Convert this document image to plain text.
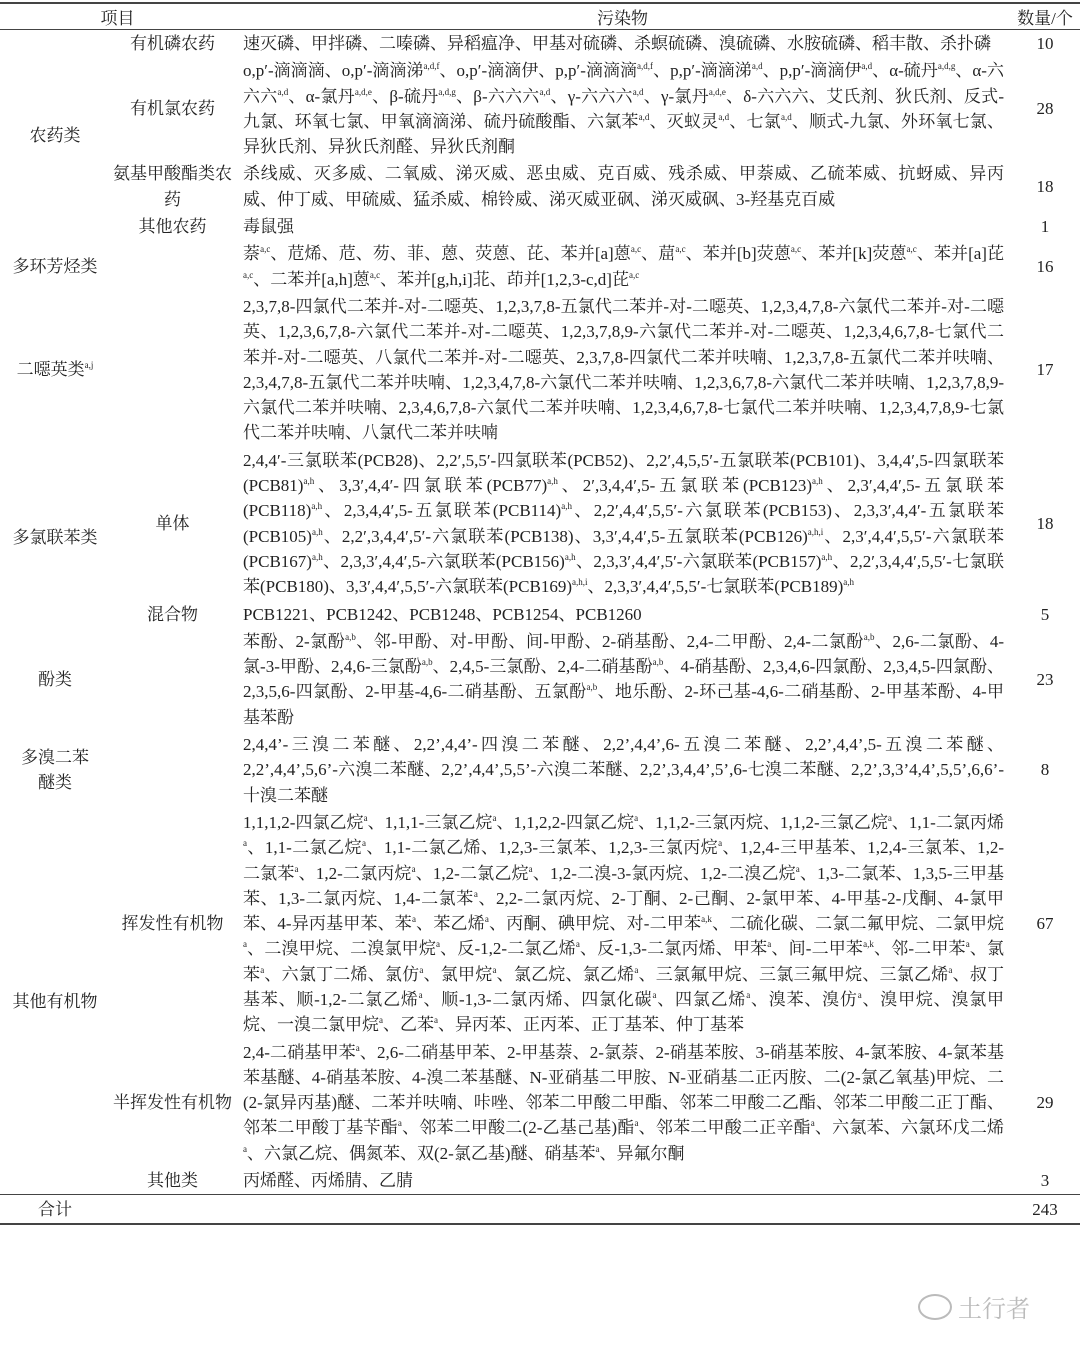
项目		污染物	数量/个
农药类	有机磷农药	速灭磷、甲拌磷、二嗪磷、异稻瘟净、甲基对硫磷、杀螟硫磷、溴硫磷、水胺硫磷、稻丰散、杀扑磷	10
	有机氯农药	o,p′-滴滴滴、o,p′-滴滴涕$^{a,d,f}$、o,p′-滴滴伊、p,p′-滴滴滴$^{a,d,f}$、p,p′-滴滴涕$^{a,d}$、p,p′-滴滴伊$^{a,d}$、α-硫丹$^{a,d,g}$、α-六六六$^{a,d}$、α-氯丹$^{a,d,e}$、β-硫丹$^{a,d,g}$、β-六六六$^{a,d}$、γ-六六六$^{a,d}$、γ-氯丹$^{a,d,e}$、δ-六六六、艾氏剂、狄氏剂、反式-九氯、环氧七氯、甲氧滴滴涕、硫丹硫酸酯、六氯苯$^{a,d}$、灭蚁灵$^{a,d}$、七氯$^{a,d}$、顺式-九氯、外环氧七氯、异狄氏剂、异狄氏剂醛、异狄氏剂酮	28
	氨基甲酸酯类农药	杀线威、灭多威、二氧威、涕灭威、恶虫威、克百威、残杀威、甲萘威、乙硫苯威、抗蚜威、异丙威、仲丁威、甲硫威、猛杀威、棉铃威、涕灭威亚砜、涕灭威砜、3-羟基克百威	18
	其他农药	毒鼠强	1
多环芳烃类		萘$^{a,c}$、苊烯、苊、芴、菲、蒽、荧蒽、芘、苯并[a]蒽$^{a,c}$、䓛$^{a,c}$、苯并[b]荧蒽$^{a,c}$、苯并[k]荧蒽$^{a,c}$、苯并[a]芘$^{a,c}$、二苯并[a,h]蒽$^{a,c}$、苯并[g,h,i]苝、茚并[1,2,3-c,d]芘$^{a,c}$	16
二噁英类$^{a,j}$		2,3,7,8-四氯代二苯并-对-二噁英、1,2,3,7,8-五氯代二苯并-对-二噁英、1,2,3,4,7,8-六氯代二苯并-对-二噁英、1,2,3,6,7,8-六氯代二苯并-对-二噁英、1,2,3,7,8,9-六氯代二苯并-对-二噁英、1,2,3,4,6,7,8-七氯代二苯并-对-二噁英、八氯代二苯并-对-二噁英、2,3,7,8-四氯代二苯并呋喃、1,2,3,7,8-五氯代二苯并呋喃、2,3,4,7,8-五氯代二苯并呋喃、1,2,3,4,7,8-六氯代二苯并呋喃、1,2,3,6,7,8-六氯代二苯并呋喃、1,2,3,7,8,9-六氯代二苯并呋喃、2,3,4,6,7,8-六氯代二苯并呋喃、1,2,3,4,6,7,8-七氯代二苯并呋喃、1,2,3,4,7,8,9-七氯代二苯并呋喃、八氯代二苯并呋喃	17
多氯联苯类	单体	2,4,4′-三氯联苯(PCB28)、2,2′,5,5′-四氯联苯(PCB52)、2,2′,4,5,5′-五氯联苯(PCB101)、3,4,4′,5-四氯联苯$(PCB81)^{a,h}$、3,3′,4,4′-四氯联苯$(PCB77)^{a,h}$、2′,3,4,4′,5-五氯联苯$(PCB123)^{a,h}$、2,3′,4,4′,5-五氯联苯$(PCB118)^{a,h}$、2,3,4,4′,5-五氯联苯$(PCB114)^{a,h}$、2,2′,4,4′,5,5′-六氯联苯(PCB153)、2,3,3′,4,4′-五氯联苯$(PCB105)^{a,h}$、2,2′,3,4,4′,5′-六氯联苯(PCB138)、3,3′,4,4′,5-五氯联苯$(PCB126)^{a,h,i}$、2,3′,4,4′,5,5′-六氯联苯$(PCB167)^{a,h}$、2,3,3′,4,4′,5-六氯联苯$(PCB156)^{a,h}$、2,3,3′,4,4′,5′-六氯联苯$(PCB157)^{a,h}$、2,2′,3,4,4′,5,5′-七氯联苯(PCB180)、3,3′,4,4′,5,5′-六氯联苯$(PCB169)^{a,h,i}$、2,3,3′,4,4′,5,5′-七氯联苯$(PCB189)^{a,h}$	18
	混合物	PCB1221、PCB1242、PCB1248、PCB1254、PCB1260	5
酚类		苯酚、2-氯酚$^{a,b}$、邻-甲酚、对-甲酚、间-甲酚、2-硝基酚、2,4-二甲酚、2,4-二氯酚$^{a,b}$、2,6-二氯酚、4-氯-3-甲酚、2,4,6-三氯酚$^{a,b}$、2,4,5-三氯酚、2,4-二硝基酚$^{a,b}$、4-硝基酚、2,3,4,6-四氯酚、2,3,4,5-四氯酚、2,3,5,6-四氯酚、2-甲基-4,6-二硝基酚、五氯酚$^{a,b}$、地乐酚、2-环己基-4,6-二硝基酚、2-甲基苯酚、4-甲基苯酚	23
多溴二苯醚类		2,4,4’-三溴二苯醚、2,2’,4,4’-四溴二苯醚、2,2’,4,4’,6-五溴二苯醚、2,2’,4,4’,5-五溴二苯醚、2,2’,4,4’,5,6’-六溴二苯醚、2,2’,4,4’,5,5’-六溴二苯醚、2,2’,3,4,4’,5’,6-七溴二苯醚、2,2’,3,3’4,4’,5,5’,6,6’-十溴二苯醚	8
其他有机物	挥发性有机物	1,1,1,2-四氯乙烷$^a$、1,1,1-三氯乙烷$^a$、1,1,2,2-四氯乙烷$^a$、1,1,2-三氯丙烷、1,1,2-三氯乙烷$^a$、1,1-二氯丙烯$^a$、1,1-二氯乙烷$^a$、1,1-二氯乙烯、1,2,3-三氯苯、1,2,3-三氯丙烷$^a$、1,2,4-三甲基苯、1,2,4-三氯苯、1,2-二氯苯$^a$、1,2-二氯丙烷$^a$、1,2-二氯乙烷$^a$、1,2-二溴-3-氯丙烷、1,2-二溴乙烷$^a$、1,3-二氯苯、1,3,5-三甲基苯、1,3-二氯丙烷、1,4-二氯苯$^a$、2,2-二氯丙烷、2-丁酮、2-己酮、2-氯甲苯、4-甲基-2-戊酮、4-氯甲苯、4-异丙基甲苯、苯$^a$、苯乙烯$^a$、丙酮、碘甲烷、对-二甲苯$^{a,k}$、二硫化碳、二氯二氟甲烷、二氯甲烷$^a$、二溴甲烷、二溴氯甲烷$^a$、反-1,2-二氯乙烯$^a$、反-1,3-二氯丙烯、甲苯$^a$、间-二甲苯$^{a,k}$、邻-二甲苯$^a$、氯苯$^a$、六氯丁二烯、氯仿$^a$、氯甲烷$^a$、氯乙烷、氯乙烯$^a$、三氯氟甲烷、三氯三氟甲烷、三氯乙烯$^a$、叔丁基苯、顺-1,2-二氯乙烯$^a$、顺-1,3-二氯丙烯、四氯化碳$^a$、四氯乙烯$^a$、溴苯、溴仿$^a$、溴甲烷、溴氯甲烷、一溴二氯甲烷$^a$、乙苯$^a$、异丙苯、正丙苯、正丁基苯、仲丁基苯	67
	半挥发性有机物	2,4-二硝基甲苯$^a$、2,6-二硝基甲苯、2-甲基萘、2-氯萘、2-硝基苯胺、3-硝基苯胺、4-氯苯胺、4-氯苯基苯基醚、4-硝基苯胺、4-溴二苯基醚、N-亚硝基二甲胺、N-亚硝基二正丙胺、二(2-氯乙氧基)甲烷、二(2-氯异丙基)醚、二苯并呋喃、咔唑、邻苯二甲酸二甲酯、邻苯二甲酸二乙酯、邻苯二甲酸二正丁酯、邻苯二甲酸丁基苄酯$^a$、邻苯二甲酸二(2-乙基己基)酯$^a$、邻苯二甲酸二正辛酯$^a$、六氯苯、六氯环戊二烯$^a$、六氯乙烷、偶氮苯、双(2-氯乙基)醚、硝基苯$^a$、异氟尔酮	29
	其他类	丙烯醛、丙烯腈、乙腈	3
合计			243
土行者
